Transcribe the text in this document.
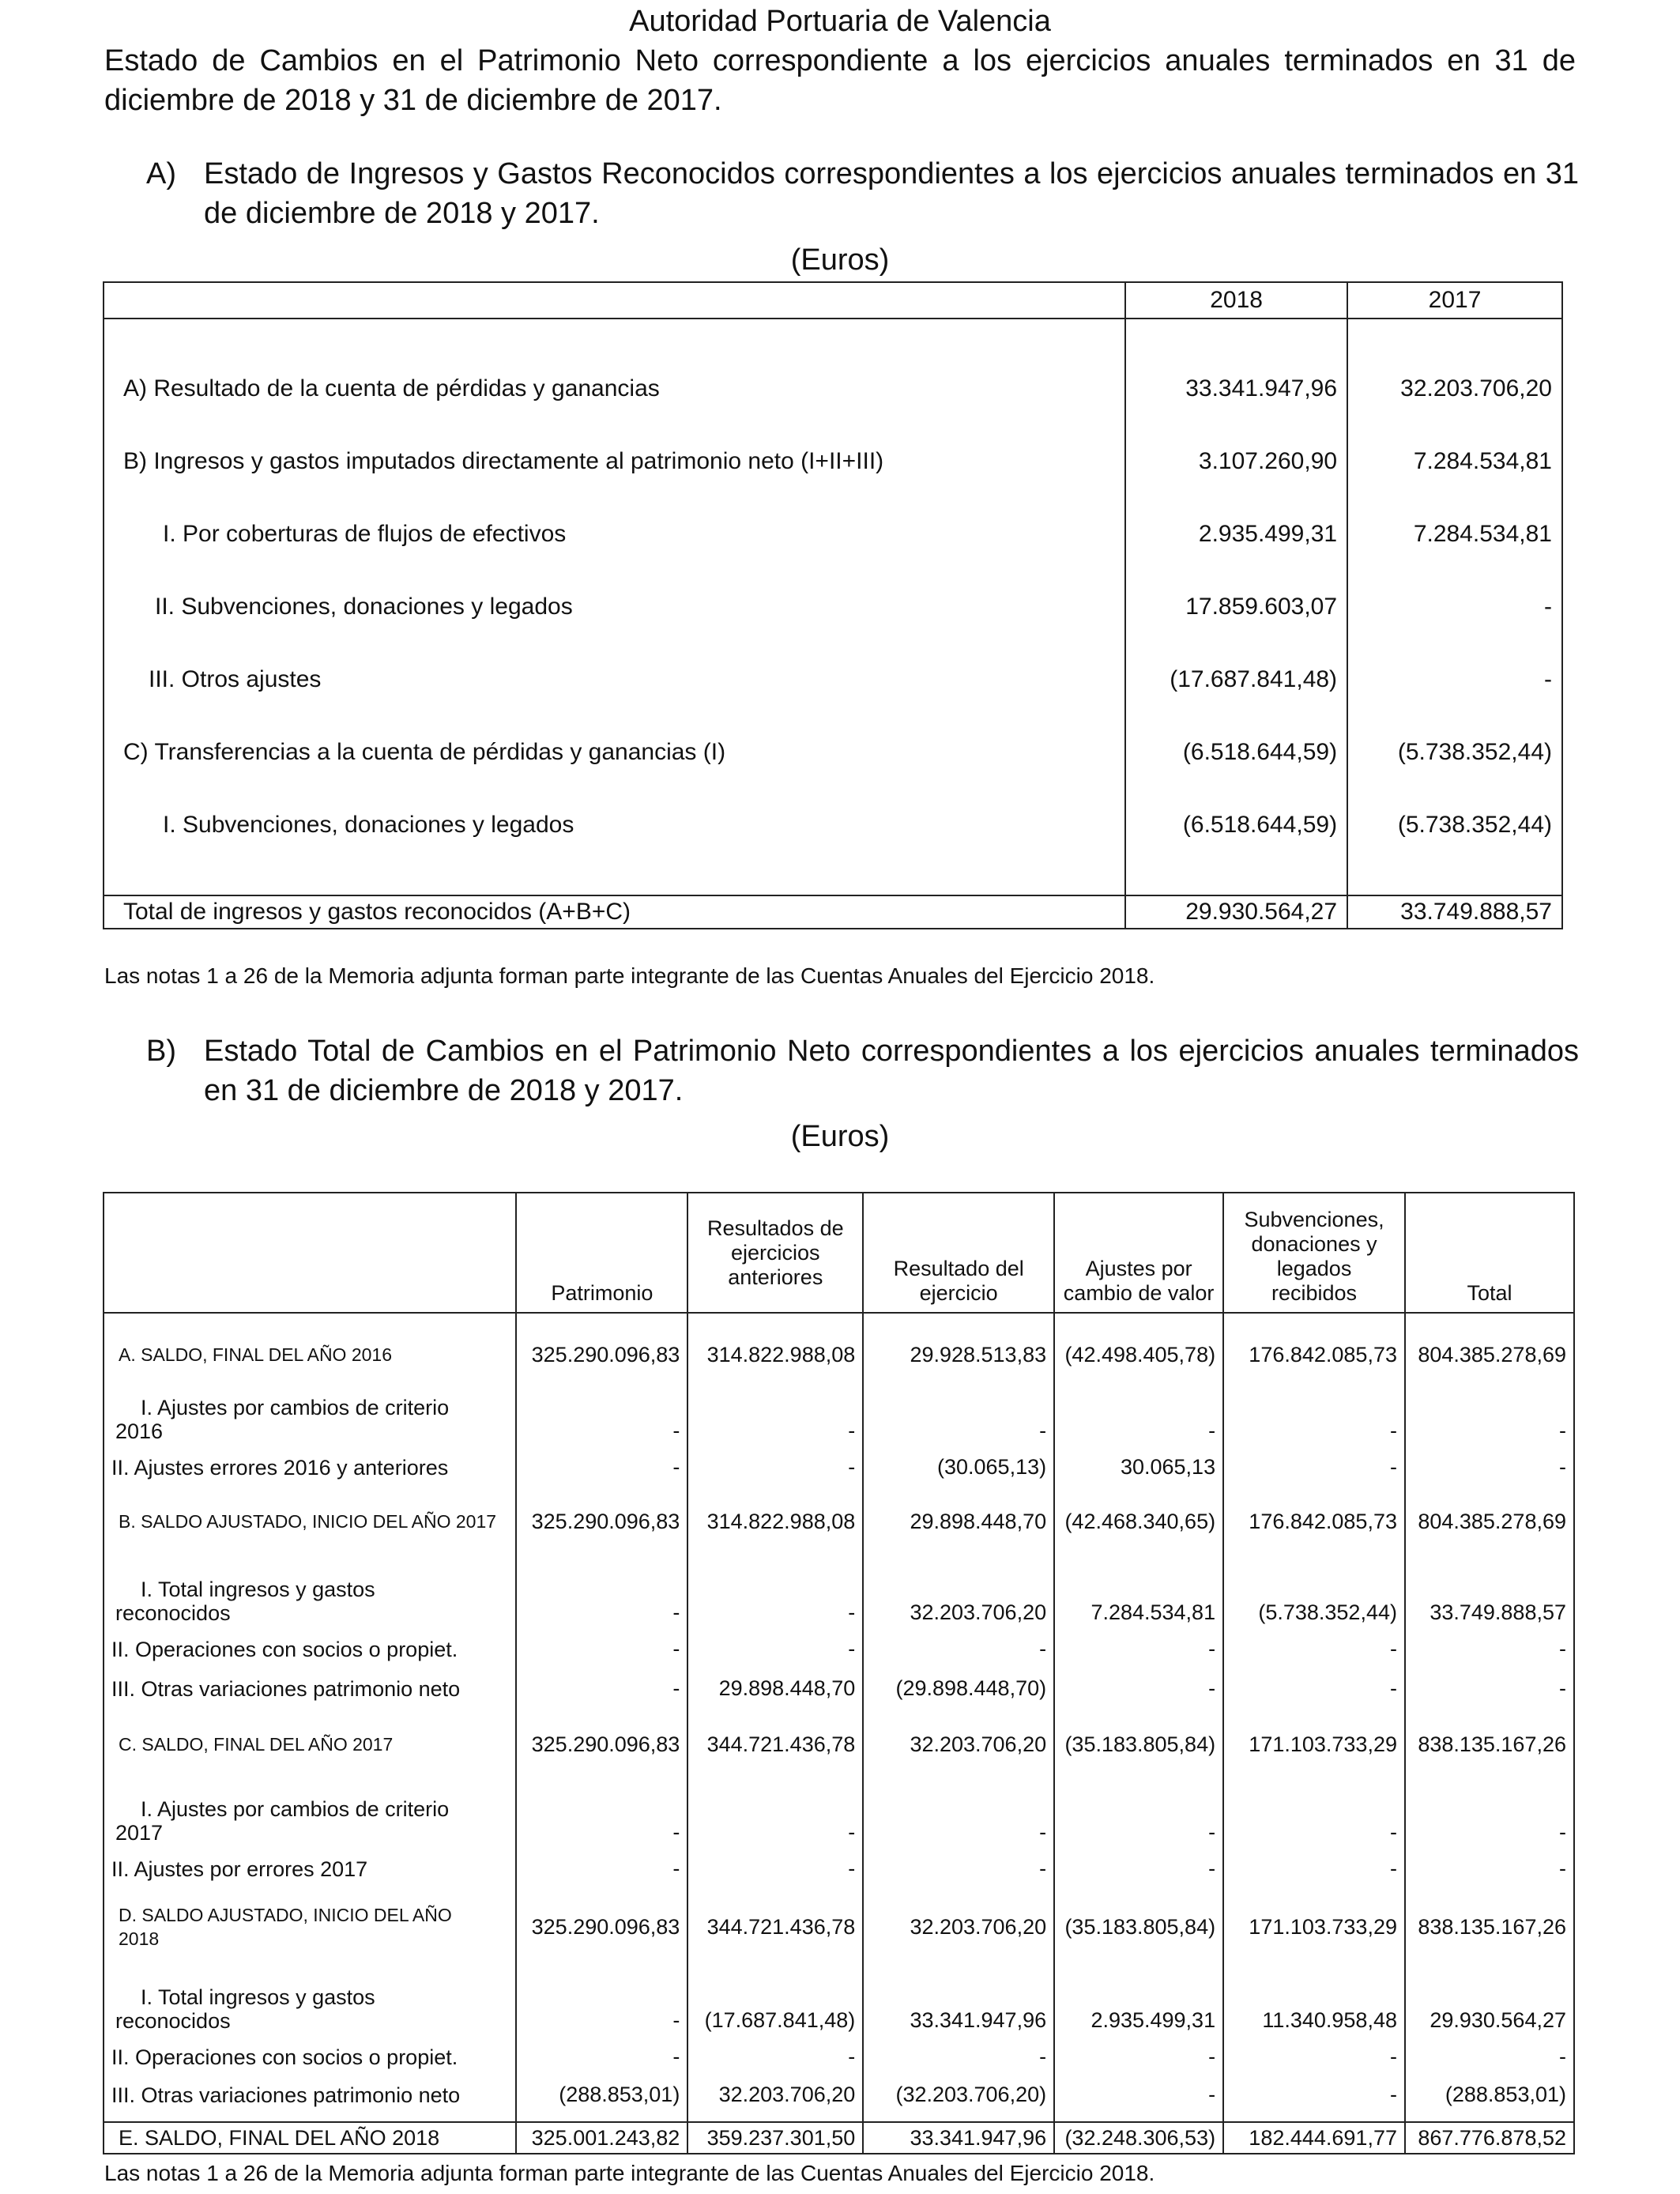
Autoridad Portuaria de Valencia
Estado de Cambios en el Patrimonio Neto correspondiente a los ejercicios anuales terminados en 31 de diciembre de 2018 y 31 de diciembre de 2017.
A) Estado de Ingresos y Gastos Reconocidos correspondientes a los ejercicios anuales terminados en 31 de diciembre de 2018 y 2017.
(Euros)
	2018	2017

A) Resultado de la cuenta de pérdidas y ganancias	33.341.947,96	32.203.706,20
B) Ingresos y gastos imputados directamente al patrimonio neto (I+II+III)	3.107.260,90	7.284.534,81
I. Por coberturas de flujos de efectivos	2.935.499,31	7.284.534,81
II. Subvenciones, donaciones y legados	17.859.603,07	-
III. Otros ajustes	(17.687.841,48)	-
C) Transferencias a la cuenta de pérdidas y ganancias (I)	(6.518.644,59)	(5.738.352,44)
I. Subvenciones, donaciones y legados	(6.518.644,59)	(5.738.352,44)

Total de ingresos y gastos reconocidos (A+B+C)	29.930.564,27	33.749.888,57
Las notas 1 a 26 de la Memoria adjunta forman parte integrante de las Cuentas Anuales del Ejercicio 2018.
B) Estado Total de Cambios en el Patrimonio Neto correspondientes a los ejercicios anuales terminados en 31 de diciembre de 2018 y 2017.
(Euros)
	Patrimonio	Resultados de ejercicios anteriores	Resultado del ejercicio	Ajustes por cambio de valor	Subvenciones, donaciones y legados recibidos	Total

A. SALDO, FINAL DEL AÑO 2016	325.290.096,83	314.822.988,08	29.928.513,83	(42.498.405,78)	176.842.085,73	804.385.278,69
I. Ajustes por cambios de criterio
2016	-	-	-	-	-	-
II. Ajustes errores 2016 y anteriores	-	-	(30.065,13)	30.065,13	-	-
B. SALDO AJUSTADO, INICIO DEL AÑO 2017	325.290.096,83	314.822.988,08	29.898.448,70	(42.468.340,65)	176.842.085,73	804.385.278,69
I. Total ingresos y gastos
reconocidos	-	-	32.203.706,20	7.284.534,81	(5.738.352,44)	33.749.888,57
II. Operaciones con socios o propiet.	-	-	-	-	-	-
III. Otras variaciones patrimonio neto	-	29.898.448,70	(29.898.448,70)	-	-	-
C. SALDO, FINAL DEL AÑO 2017	325.290.096,83	344.721.436,78	32.203.706,20	(35.183.805,84)	171.103.733,29	838.135.167,26
I. Ajustes por cambios de criterio
2017	-	-	-	-	-	-
II. Ajustes por errores 2017	-	-	-	-	-	-
D. SALDO AJUSTADO, INICIO DEL AÑO
2018	325.290.096,83	344.721.436,78	32.203.706,20	(35.183.805,84)	171.103.733,29	838.135.167,26
I. Total ingresos y gastos
reconocidos	-	(17.687.841,48)	33.341.947,96	2.935.499,31	11.340.958,48	29.930.564,27
II. Operaciones con socios o propiet.	-	-	-	-	-	-
III. Otras variaciones patrimonio neto	(288.853,01)	32.203.706,20	(32.203.706,20)	-	-	(288.853,01)

E. SALDO, FINAL DEL AÑO 2018	325.001.243,82	359.237.301,50	33.341.947,96	(32.248.306,53)	182.444.691,77	867.776.878,52
Las notas 1 a 26 de la Memoria adjunta forman parte integrante de las Cuentas Anuales del Ejercicio 2018.
